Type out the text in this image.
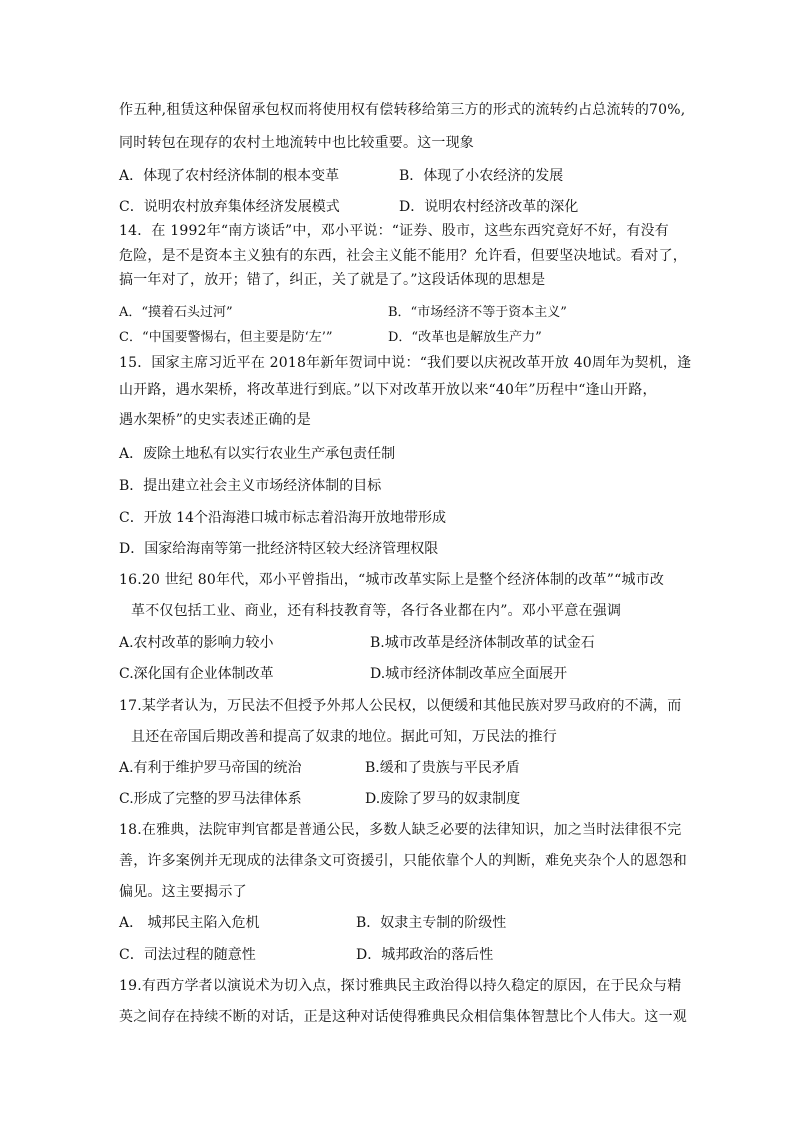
作五种,租赁这种保留承包权而将使用权有偿转移给第三方的形式的流转约占总流转的70%,
同时转包在现存的农村土地流转中也比较重要。这一现象
A．体现了农村经济体制的根本变革	B．体现了小农经济的发展
C．说明农村放弃集体经济发展模式	D．说明农村经济改革的深化
14．在 1992年“南方谈话”中，邓小平说：“证券、股市，这些东西究竟好不好，有没有
危险，是不是资本主义独有的东西，社会主义能不能用？允许看，但要坚决地试。看对了，
搞一年对了，放开；错了，纠正，关了就是了。”这段话体现的思想是
A．“摸着石头过河”	B．“市场经济不等于资本主义”
C．“中国要警惕右，但主要是防‘左’”	D．“改革也是解放生产力”
15．国家主席习近平在 2018年新年贺词中说：“我们要以庆祝改革开放 40周年为契机，逢
山开路，遇水架桥，将改革进行到底。”以下对改革开放以来“40年”历程中“逢山开路，
遇水架桥”的史实表述正确的是
A．废除土地私有以实行农业生产承包责任制
B．提出建立社会主义市场经济体制的目标
C．开放 14个沿海港口城市标志着沿海开放地带形成
D．国家给海南等第一批经济特区较大经济管理权限
16.20 世纪 80年代，邓小平曾指出，“城市改革实际上是整个经济体制的改革”“城市改
革不仅包括工业、商业，还有科技教育等，各行各业都在内”。邓小平意在强调
A.农村改革的影响力较小	B.城市改革是经济体制改革的试金石
C.深化国有企业体制改革	D.城市经济体制改革应全面展开
17.某学者认为，万民法不但授予外邦人公民权，以便缓和其他民族对罗马政府的不满，而
且还在帝国后期改善和提高了奴隶的地位。据此可知，万民法的推行
A.有利于维护罗马帝国的统治	B.缓和了贵族与平民矛盾
C.形成了完整的罗马法律体系	D.废除了罗马的奴隶制度
18.在雅典，法院审判官都是普通公民，多数人缺乏必要的法律知识，加之当时法律很不完
善，许多案例并无现成的法律条文可资援引，只能依靠个人的判断，难免夹杂个人的恩怨和
偏见。这主要揭示了
A． 城邦民主陷入危机	B．奴隶主专制的阶级性
C．司法过程的随意性	D．城邦政治的落后性
19.有西方学者以演说术为切入点，探讨雅典民主政治得以持久稳定的原因，在于民众与精
英之间存在持续不断的对话，正是这种对话使得雅典民众相信集体智慧比个人伟大。这一观
